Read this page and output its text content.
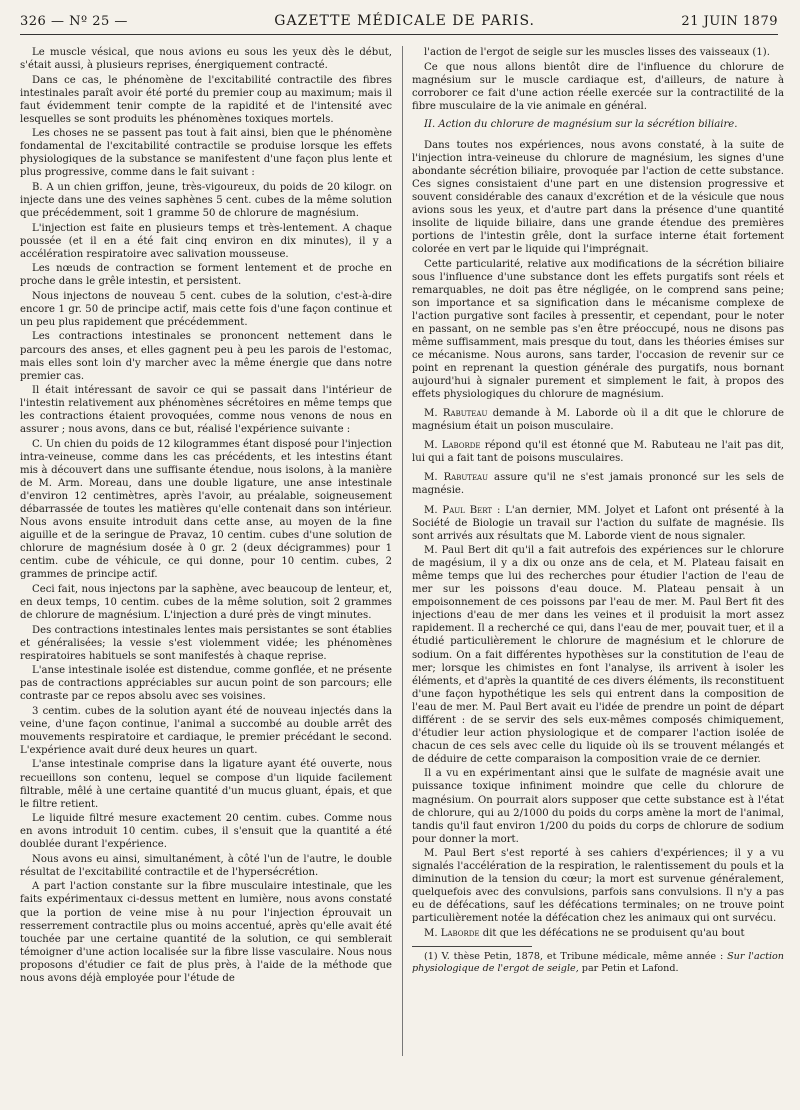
326 — Nº 25 —	GAZETTE MÉDICALE DE PARIS.	21 JUIN 1879

Le muscle vésical, que nous avions eu sous les yeux dès le début, s'était aussi, à plusieurs reprises, énergiquement contracté.

Dans ce cas, le phénomène de l'excitabilité contractile des fibres intestinales paraît avoir été porté du premier coup au maximum; mais il faut évidemment tenir compte de la rapidité et de l'intensité avec lesquelles se sont produits les phénomènes toxiques mortels.

Les choses ne se passent pas tout à fait ainsi, bien que le phénomène fondamental de l'excitabilité contractile se produise lorsque les effets physiologiques de la substance se manifestent d'une façon plus lente et plus progressive, comme dans le fait suivant :

B. A un chien griffon, jeune, très-vigoureux, du poids de 20 kilogr. on injecte dans une des veines saphènes 5 cent. cubes de la même solution que précédemment, soit 1 gramme 50 de chlorure de magnésium.

L'injection est faite en plusieurs temps et très-lentement. A chaque poussée (et il en a été fait cinq environ en dix minutes), il y a accélération respiratoire avec salivation mousseuse.

Les nœuds de contraction se forment lentement et de proche en proche dans le grêle intestin, et persistent.

Nous injectons de nouveau 5 cent. cubes de la solution, c'est-à-dire encore 1 gr. 50 de principe actif, mais cette fois d'une façon continue et un peu plus rapidement que précédemment.

Les contractions intestinales se prononcent nettement dans le parcours des anses, et elles gagnent peu à peu les parois de l'estomac, mais elles sont loin d'y marcher avec la même énergie que dans notre premier cas.

Il était intéressant de savoir ce qui se passait dans l'intérieur de l'intestin relativement aux phénomènes sécrétoires en même temps que les contractions étaient provoquées, comme nous venons de nous en assurer ; nous avons, dans ce but, réalisé l'expérience suivante :

C. Un chien du poids de 12 kilogrammes étant disposé pour l'injection intra-veineuse, comme dans les cas précédents, et les intestins étant mis à découvert dans une suffisante étendue, nous isolons, à la manière de M. Arm. Moreau, dans une double ligature, une anse intestinale d'environ 12 centimètres, après l'avoir, au préalable, soigneusement débarrassée de toutes les matières qu'elle contenait dans son intérieur. Nous avons ensuite introduit dans cette anse, au moyen de la fine aiguille et de la seringue de Pravaz, 10 centim. cubes d'une solution de chlorure de magnésium dosée à 0 gr. 2 (deux décigrammes) pour 1 centim. cube de véhicule, ce qui donne, pour 10 centim. cubes, 2 grammes de principe actif.

Ceci fait, nous injectons par la saphène, avec beaucoup de lenteur, et, en deux temps, 10 centim. cubes de la même solution, soit 2 grammes de chlorure de magnésium. L'injection a duré près de vingt minutes.

Des contractions intestinales lentes mais persistantes se sont établies et généralisées; la vessie s'est violemment vidée; les phénomènes respiratoires habituels se sont manifestés à chaque reprise.

L'anse intestinale isolée est distendue, comme gonflée, et ne présente pas de contractions appréciables sur aucun point de son parcours; elle contraste par ce repos absolu avec ses voisines.

3 centim. cubes de la solution ayant été de nouveau injectés dans la veine, d'une façon continue, l'animal a succombé au double arrêt des mouvements respiratoire et cardiaque, le premier précédant le second. L'expérience avait duré deux heures un quart.

L'anse intestinale comprise dans la ligature ayant été ouverte, nous recueillons son contenu, lequel se compose d'un liquide facilement filtrable, mêlé à une certaine quantité d'un mucus gluant, épais, et que le filtre retient.

Le liquide filtré mesure exactement 20 centim. cubes. Comme nous en avons introduit 10 centim. cubes, il s'ensuit que la quantité a été doublée durant l'expérience.

Nous avons eu ainsi, simultanément, à côté l'un de l'autre, le double résultat de l'excitabilité contractile et de l'hypersécrétion.

A part l'action constante sur la fibre musculaire intestinale, que les faits expérimentaux ci-dessus mettent en lumière, nous avons constaté que la portion de veine mise à nu pour l'injection éprouvait un resserrement contractile plus ou moins accentué, après qu'elle avait été touchée par une certaine quantité de la solution, ce qui semblerait témoigner d'une action localisée sur la fibre lisse vasculaire. Nous nous proposons d'étudier ce fait de plus près, à l'aide de la méthode que nous avons déjà employée pour l'étude de

l'action de l'ergot de seigle sur les muscles lisses des vaisseaux (1).

Ce que nous allons bientôt dire de l'influence du chlorure de magnésium sur le muscle cardiaque est, d'ailleurs, de nature à corroborer ce fait d'une action réelle exercée sur la contractilité de la fibre musculaire de la vie animale en général.

II. Action du chlorure de magnésium sur la sécrétion biliaire.

Dans toutes nos expériences, nous avons constaté, à la suite de l'injection intra-veineuse du chlorure de magnésium, les signes d'une abondante sécrétion biliaire, provoquée par l'action de cette substance. Ces signes consistaient d'une part en une distension progressive et souvent considérable des canaux d'excrétion et de la vésicule que nous avions sous les yeux, et d'autre part dans la présence d'une quantité insolite de liquide biliaire, dans une grande étendue des premières portions de l'intestin grêle, dont la surface interne était fortement colorée en vert par le liquide qui l'imprégnait.

Cette particularité, relative aux modifications de la sécrétion biliaire sous l'influence d'une substance dont les effets purgatifs sont réels et remarquables, ne doit pas être négligée, on le comprend sans peine; son importance et sa signification dans le mécanisme complexe de l'action purgative sont faciles à pressentir, et cependant, pour le noter en passant, on ne semble pas s'en être préoccupé, nous ne disons pas même suffisamment, mais presque du tout, dans les théories émises sur ce mécanisme. Nous aurons, sans tarder, l'occasion de revenir sur ce point en reprenant la question générale des purgatifs, nous bornant aujourd'hui à signaler purement et simplement le fait, à propos des effets physiologiques du chlorure de magnésium.

M. Rabuteau demande à M. Laborde où il a dit que le chlorure de magnésium était un poison musculaire.

M. Laborde répond qu'il est étonné que M. Rabuteau ne l'ait pas dit, lui qui a fait tant de poisons musculaires.

M. Rabuteau assure qu'il ne s'est jamais prononcé sur les sels de magnésie.

M. Paul Bert : L'an dernier, MM. Jolyet et Lafont ont présenté à la Société de Biologie un travail sur l'action du sulfate de magnésie. Ils sont arrivés aux résultats que M. Laborde vient de nous signaler.

M. Paul Bert dit qu'il a fait autrefois des expériences sur le chlorure de magésium, il y a dix ou onze ans de cela, et M. Plateau faisait en même temps que lui des recherches pour étudier l'action de l'eau de mer sur les poissons d'eau douce. M. Plateau pensait à un empoisonnement de ces poissons par l'eau de mer. M. Paul Bert fit des injections d'eau de mer dans les veines et il produisit la mort assez rapidement. Il a recherché ce qui, dans l'eau de mer, pouvait tuer, et il a étudié particulièrement le chlorure de magnésium et le chlorure de sodium. On a fait différentes hypothèses sur la constitution de l'eau de mer; lorsque les chimistes en font l'analyse, ils arrivent à isoler les éléments, et d'après la quantité de ces divers éléments, ils reconstituent d'une façon hypothétique les sels qui entrent dans la composition de l'eau de mer. M. Paul Bert avait eu l'idée de prendre un point de départ différent : de se servir des sels eux-mêmes composés chimiquement, d'étudier leur action physiologique et de comparer l'action isolée de chacun de ces sels avec celle du liquide où ils se trouvent mélangés et de déduire de cette comparaison la composition vraie de ce dernier.

Il a vu en expérimentant ainsi que le sulfate de magnésie avait une puissance toxique infiniment moindre que celle du chlorure de magnésium. On pourrait alors supposer que cette substance est à l'état de chlorure, qui au 2/1000 du poids du corps amène la mort de l'animal, tandis qu'il faut environ 1/200 du poids du corps de chlorure de sodium pour donner la mort.

M. Paul Bert s'est reporté à ses cahiers d'expériences; il y a vu signalés l'accélération de la respiration, le ralentissement du pouls et la diminution de la tension du cœur; la mort est survenue généralement, quelquefois avec des convulsions, parfois sans convulsions. Il n'y a pas eu de défécations, sauf les défécations terminales; on ne trouve point particulièrement notée la défécation chez les animaux qui ont survécu.

M. Laborde dit que les défécations ne se produisent qu'au bout

(1) V. thèse Petin, 1878, et Tribune médicale, même année : Sur l'action physiologique de l'ergot de seigle, par Petin et Lafond.
